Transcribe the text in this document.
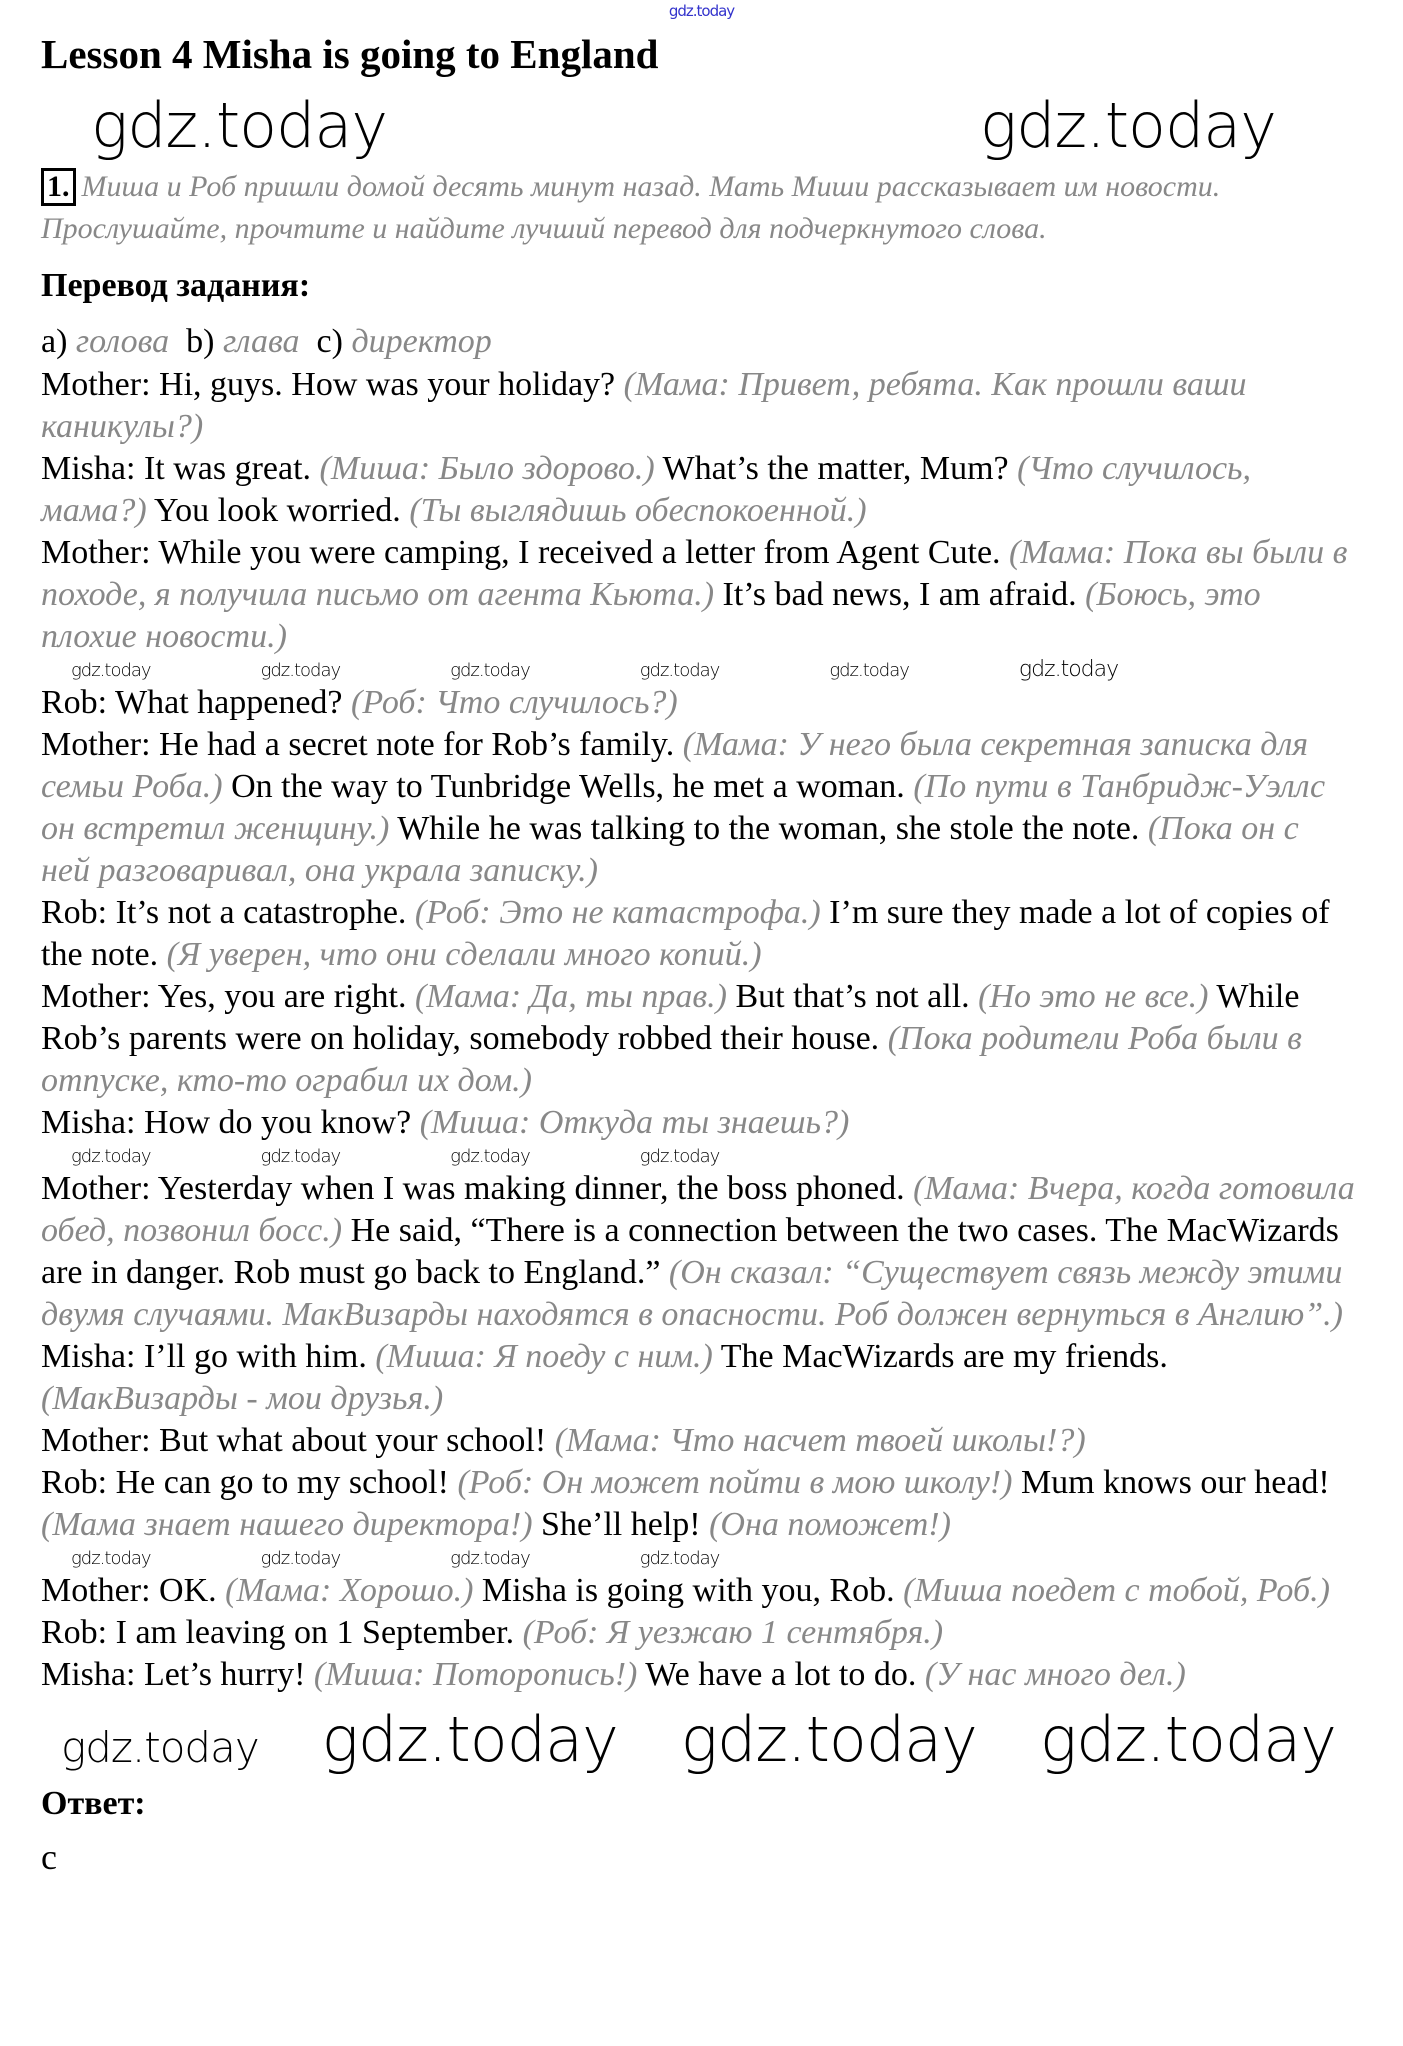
gdz.today
Lesson 4 Misha is going to England
gdz.today	gdz.today
1. Миша и Роб пришли домой десять минут назад. Мать Миши рассказывает им новости. Прослушайте, прочтите и найдите лучший перевод для подчеркнутого слова.
Перевод задания:
a) голова b) глава c) директор

Mother: Hi, guys. How was your holiday? (Мама: Привет, ребята. Как прошли ваши каникулы?)

Misha: It was great. (Миша: Было здорово.) What’s the matter, Mum? (Что случилось, мама?) You look worried. (Ты выглядишь обеспокоенной.)

Mother: While you were camping, I received a letter from Agent Cute. (Мама: Пока вы были в походе, я получила письмо от агента Кьюта.) It’s bad news, I am afraid. (Боюсь, это плохие новости.)

gdz.today	gdz.today	gdz.today	gdz.today	gdz.today	gdz.today

Rob: What happened? (Роб: Что случилось?)

Mother: He had a secret note for Rob’s family. (Мама: У него была секретная записка для семьи Роба.) On the way to Tunbridge Wells, he met a woman. (По пути в Танбридж-Уэллс он встретил женщину.) While he was talking to the woman, she stole the note. (Пока он с ней разговаривал, она украла записку.)

Rob: It’s not a catastrophe. (Роб: Это не катастрофа.) I’m sure they made a lot of copies of the note. (Я уверен, что они сделали много копий.)

Mother: Yes, you are right. (Мама: Да, ты прав.) But that’s not all. (Но это не все.) While Rob’s parents were on holiday, somebody robbed their house. (Пока родители Роба были в отпуске, кто-то ограбил их дом.)

Misha: How do you know? (Миша: Откуда ты знаешь?)

gdz.today	gdz.today	gdz.today	gdz.today

Mother: Yesterday when I was making dinner, the boss phoned. (Мама: Вчера, когда готовила обед, позвонил босс.) He said, “There is a connection between the two cases. The MacWizards are in danger. Rob must go back to England.” (Он сказал: “Существует связь между этими двумя случаями. МакВизарды находятся в опасности. Роб должен вернуться в Англию”.)

Misha: I’ll go with him. (Миша: Я поеду с ним.) The MacWizards are my friends. (МакВизарды - мои друзья.)

Mother: But what about your school! (Мама: Что насчет твоей школы!?)

Rob: He can go to my school! (Роб: Он может пойти в мою школу!) Mum knows our head! (Мама знает нашего директора!) She’ll help! (Она поможет!)

gdz.today	gdz.today	gdz.today	gdz.today

Mother: OK. (Мама: Хорошо.) Misha is going with you, Rob. (Миша поедет с тобой, Роб.)

Rob: I am leaving on 1 September. (Роб: Я уезжаю 1 сентября.)

Misha: Let’s hurry! (Миша: Поторопись!) We have a lot to do. (У нас много дел.)

gdz.today gdz.today gdz.today gdz.today
Ответ:
c
